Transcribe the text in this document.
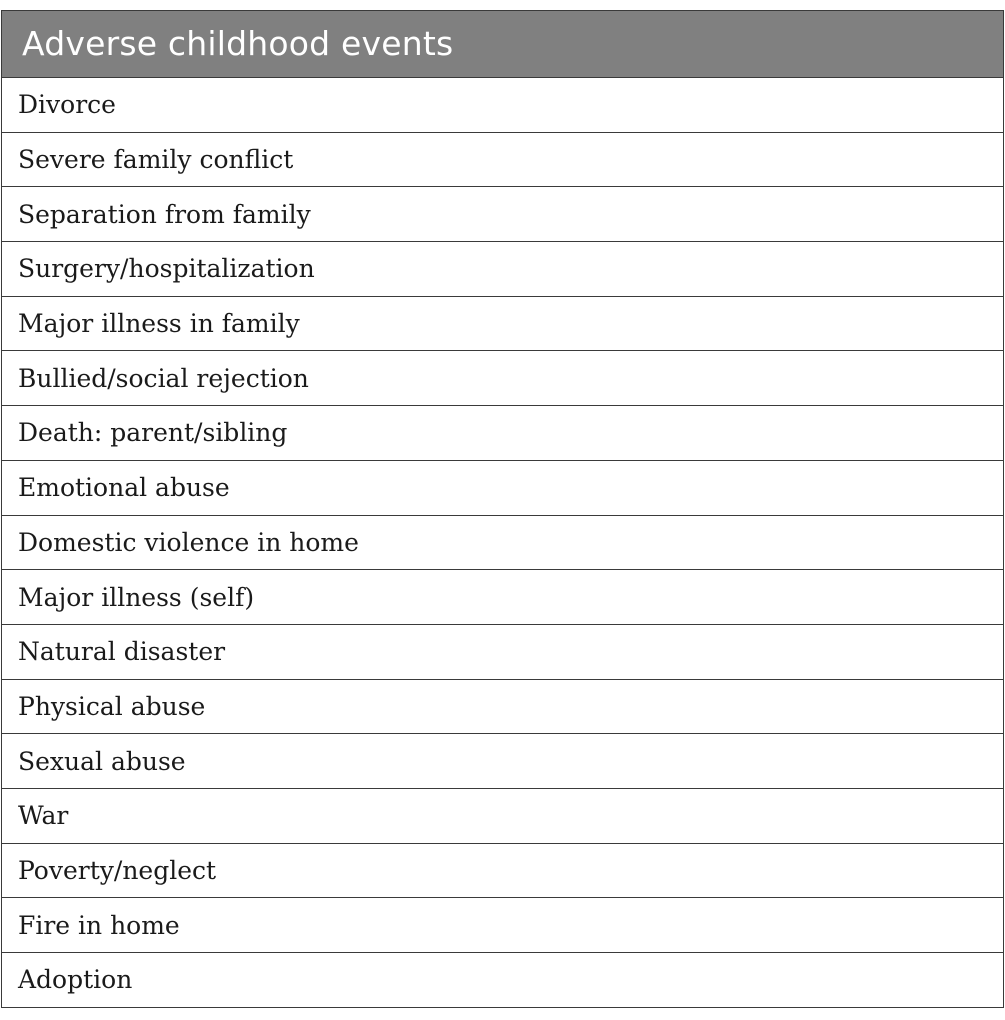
Adverse childhood events
Divorce
Severe family conflict
Separation from family
Surgery/hospitalization
Major illness in family
Bullied/social rejection
Death: parent/sibling
Emotional abuse
Domestic violence in home
Major illness (self)
Natural disaster
Physical abuse
Sexual abuse
War
Poverty/neglect
Fire in home
Adoption
